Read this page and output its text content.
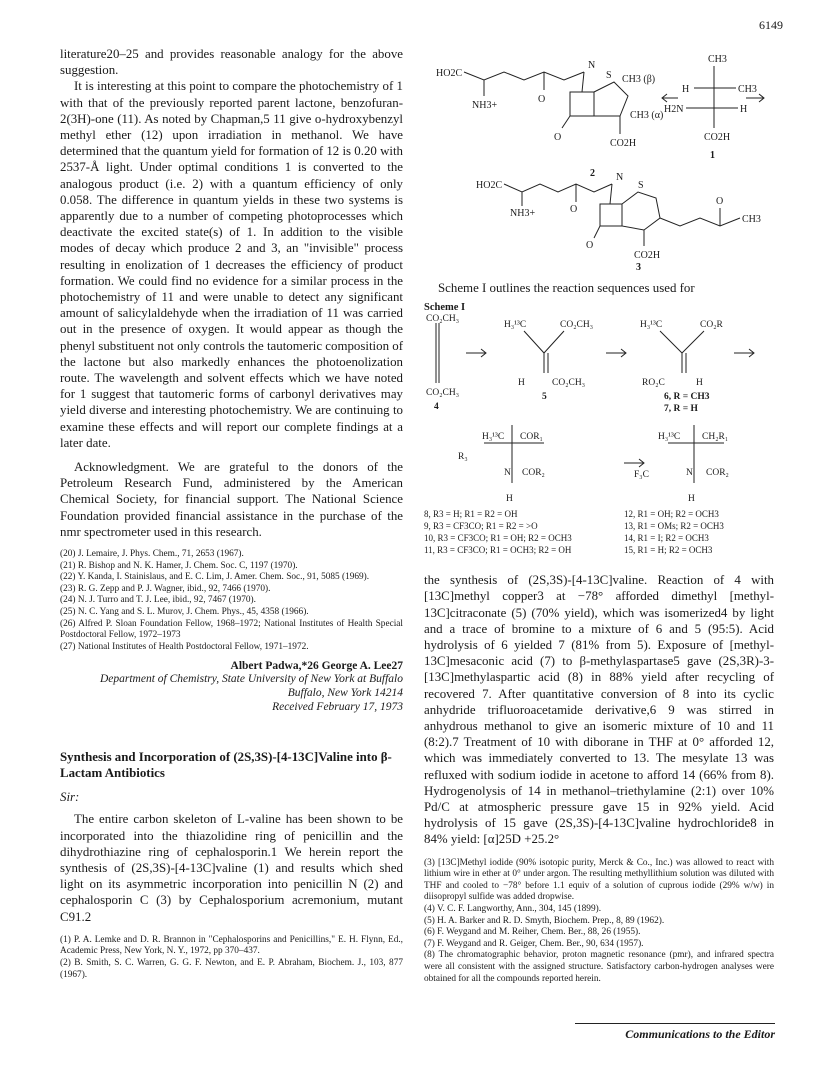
6149

literature20–25 and provides reasonable analogy for the above suggestion.

It is interesting at this point to compare the photochemistry of 1 with that of the previously reported parent lactone, benzofuran-2(3H)-one (11). As noted by Chapman,5 11 give o-hydroxybenzyl methyl ether (12) upon irradiation in methanol. We have determined that the quantum yield for formation of 12 is 0.20 with 2537-Å light. Under optimal conditions 1 is converted to the analogous product (i.e. 2) with a quantum efficiency of only 0.058. The difference in quantum yields in these two systems is apparently due to a number of competing photoprocesses which deactivate the excited state(s) of 1. In addition to the visible modes of decay which produce 2 and 3, an "invisible" process resulting in enolization of 1 decreases the efficiency of product formation. We could find no evidence for a similar process in the photochemistry of 11 and were unable to detect any significant amount of salicylaldehyde when the irradiation of 11 was carried out in the presence of oxygen. It would appear as though the phenyl substituent not only controls the tautomeric composition of the lactone but also markedly enhances the photoenolization route. The wavelength and solvent effects which we have noted for 1 suggest that tautomeric forms of carbonyl derivatives may yield diverse and interesting photochemistry. We are continuing to examine these effects and will report our complete findings at a later date.

Acknowledgment. We are grateful to the donors of the Petroleum Research Fund, administered by the American Chemical Society, for financial support. The National Science Foundation provided financial assistance in the purchase of the nmr spectrometer used in this research.

(20) J. Lemaire, J. Phys. Chem., 71, 2653 (1967).
(21) R. Bishop and N. K. Hamer, J. Chem. Soc. C, 1197 (1970).
(22) Y. Kanda, I. Stainislaus, and E. C. Lim, J. Amer. Chem. Soc., 91, 5085 (1969).
(23) R. G. Zepp and P. J. Wagner, ibid., 92, 7466 (1970).
(24) N. J. Turro and T. J. Lee, ibid., 92, 7467 (1970).
(25) N. C. Yang and S. L. Murov, J. Chem. Phys., 45, 4358 (1966).
(26) Alfred P. Sloan Foundation Fellow, 1968–1972; National Institutes of Health Special Postdoctoral Fellow, 1972–1973
(27) National Institutes of Health Postdoctoral Fellow, 1971–1972.
Albert Padwa,*26 George A. Lee27
Department of Chemistry, State University of New York at Buffalo
Buffalo, New York 14214
Received February 17, 1973
Synthesis and Incorporation of (2S,3S)-[4-13C]Valine into β-Lactam Antibiotics
Sir:

The entire carbon skeleton of L-valine has been shown to be incorporated into the thiazolidine ring of penicillin and the dihydrothiazine ring of cephalosporin.1 We herein report the synthesis of (2S,3S)-[4-13C]valine (1) and results which shed light on its asymmetric incorporation into penicillin N (2) and cephalosporin C (3) by Cephalosporium acremonium, mutant C91.2

(1) P. A. Lemke and D. R. Brannon in "Cephalosporins and Penicillins," E. H. Flynn, Ed., Academic Press, New York, N. Y., 1972, pp 370–437.
(2) B. Smith, S. C. Warren, G. G. F. Newton, and E. P. Abraham, Biochem. J., 103, 877 (1967).
HO2C
NH3+
O
N
S CH3 (β)
CH3 (α)
O
CO2H
2
CH3
H	CH3
H2N	H
CO2H
1
HO2C
NH3+	O
N
S
O
CO2H
O
CH3
3

Scheme I outlines the reaction sequences used for

Scheme I
CO₂CH₃
CO₂CH₃
4
H₃¹³C	CO₂CH₃
H	CO₂CH₃
5
H₃¹³C	CO₂R
RO₂C	H
6, R = CH3
7, R = H
H₃¹³C COR₁
R₃
N COR₂
H
H₃¹³C CH₂R₁
F₃C	N COR₂
H
8, R3 = H; R1 = R2 = OH
9, R3 = CF3CO; R1 = R2 = >O
10, R3 = CF3CO; R1 = OH; R2 = OCH3
11, R3 = CF3CO; R1 = OCH3; R2 = OH
12, R1 = OH; R2 = OCH3
13, R1 = OMs; R2 = OCH3
14, R1 = I; R2 = OCH3
15, R1 = H; R2 = OCH3

the synthesis of (2S,3S)-[4-13C]valine. Reaction of 4 with [13C]methyl copper3 at −78° afforded dimethyl [methyl-13C]citraconate (5) (70% yield), which was isomerized4 by light and a trace of bromine to a mixture of 6 and 5 (95:5). Acid hydrolysis of 6 yielded 7 (81% from 5). Exposure of [methyl-13C]mesaconic acid (7) to β-methylaspartase5 gave (2S,3R)-3-[13C]methylaspartic acid (8) in 88% yield after recycling of recovered 7. After quantitative conversion of 8 into its cyclic anhydride trifluoroacetamide derivative,6 9 was stirred in anhydrous methanol to give an isomeric mixture of 10 and 11 (8:2).7 Treatment of 10 with diborane in THF at 0° afforded 12, which was immediately converted to 13. The mesylate 13 was refluxed with sodium iodide in acetone to afford 14 (66% from 8). Hydrogenolysis of 14 in methanol–triethylamine (2:1) over 10% Pd/C at atmospheric pressure gave 15 in 92% yield. Acid hydrolysis of 15 gave (2S,3S)-[4-13C]valine hydrochloride8 in 84% yield: [α]25D +25.2°

(3) [13C]Methyl iodide (90% isotopic purity, Merck & Co., Inc.) was allowed to react with lithium wire in ether at 0° under argon. The resulting methyllithium solution was diluted with THF and cooled to −78° before 1.1 equiv of a solution of cuprous iodide (29% w/w) in diisopropyl sulfide was added dropwise.
(4) V. C. F. Langworthy, Ann., 304, 145 (1899).
(5) H. A. Barker and R. D. Smyth, Biochem. Prep., 8, 89 (1962).
(6) F. Weygand and M. Reiher, Chem. Ber., 88, 26 (1955).
(7) F. Weygand and R. Geiger, Chem. Ber., 90, 634 (1957).
(8) The chromatographic behavior, proton magnetic resonance (pmr), and infrared spectra were all consistent with the assigned structure. Satisfactory carbon-hydrogen analyses were obtained for all the compounds reported herein.
Communications to the Editor
